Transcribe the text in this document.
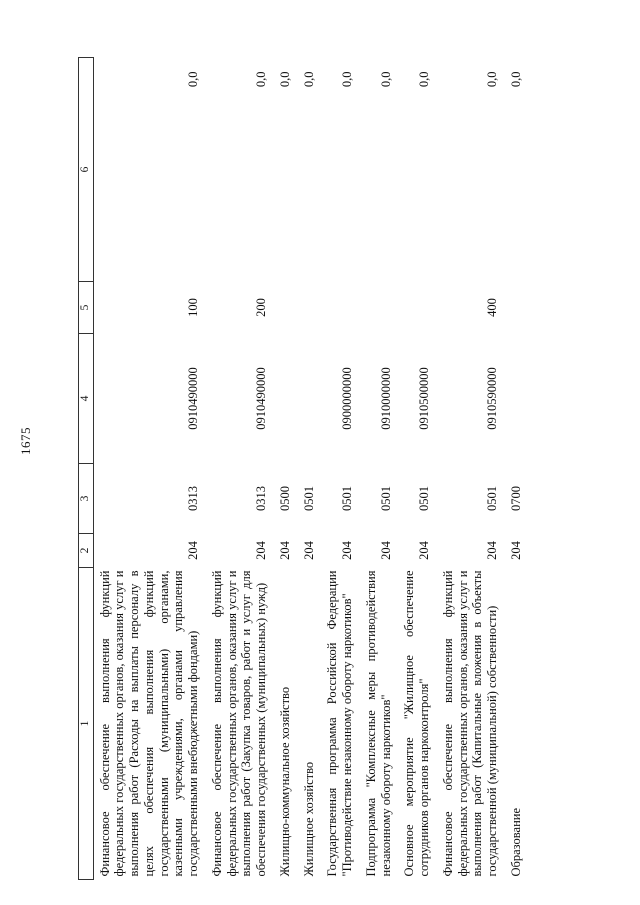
1675
1	2	3	4	5	6
Финансовое обеспечение выполнения функций федеральных государственных органов, оказания услуг и выполнения работ (Расходы на выплаты персоналу в целях обеспечения выполнения функций государственными (муниципальными) органами, казенными учреждениями, органами управления государственными внебюджетными фондами)	204	0313	0910490000	100	0,0
Финансовое обеспечение выполнения функций федеральных государственных органов, оказания услуг и выполнения работ (Закупка товаров, работ и услуг для обеспечения государственных (муниципальных) нужд)	204	0313	0910490000	200	0,0
Жилищно-коммунальное хозяйство	204	0500			0,0
Жилищное хозяйство	204	0501			0,0
Государственная программа Российской Федерации "Противодействие незаконному обороту наркотиков"	204	0501	0900000000		0,0
Подпрограмма "Комплексные меры противодействия незаконному обороту наркотиков"	204	0501	0910000000		0,0
Основное мероприятие "Жилищное обеспечение сотрудников органов наркоконтроля"	204	0501	0910500000		0,0
Финансовое обеспечение выполнения функций федеральных государственных органов, оказания услуг и выполнения работ (Капитальные вложения в объекты государственной (муниципальной) собственности)	204	0501	0910590000	400	0,0
Образование	204	0700			0,0
